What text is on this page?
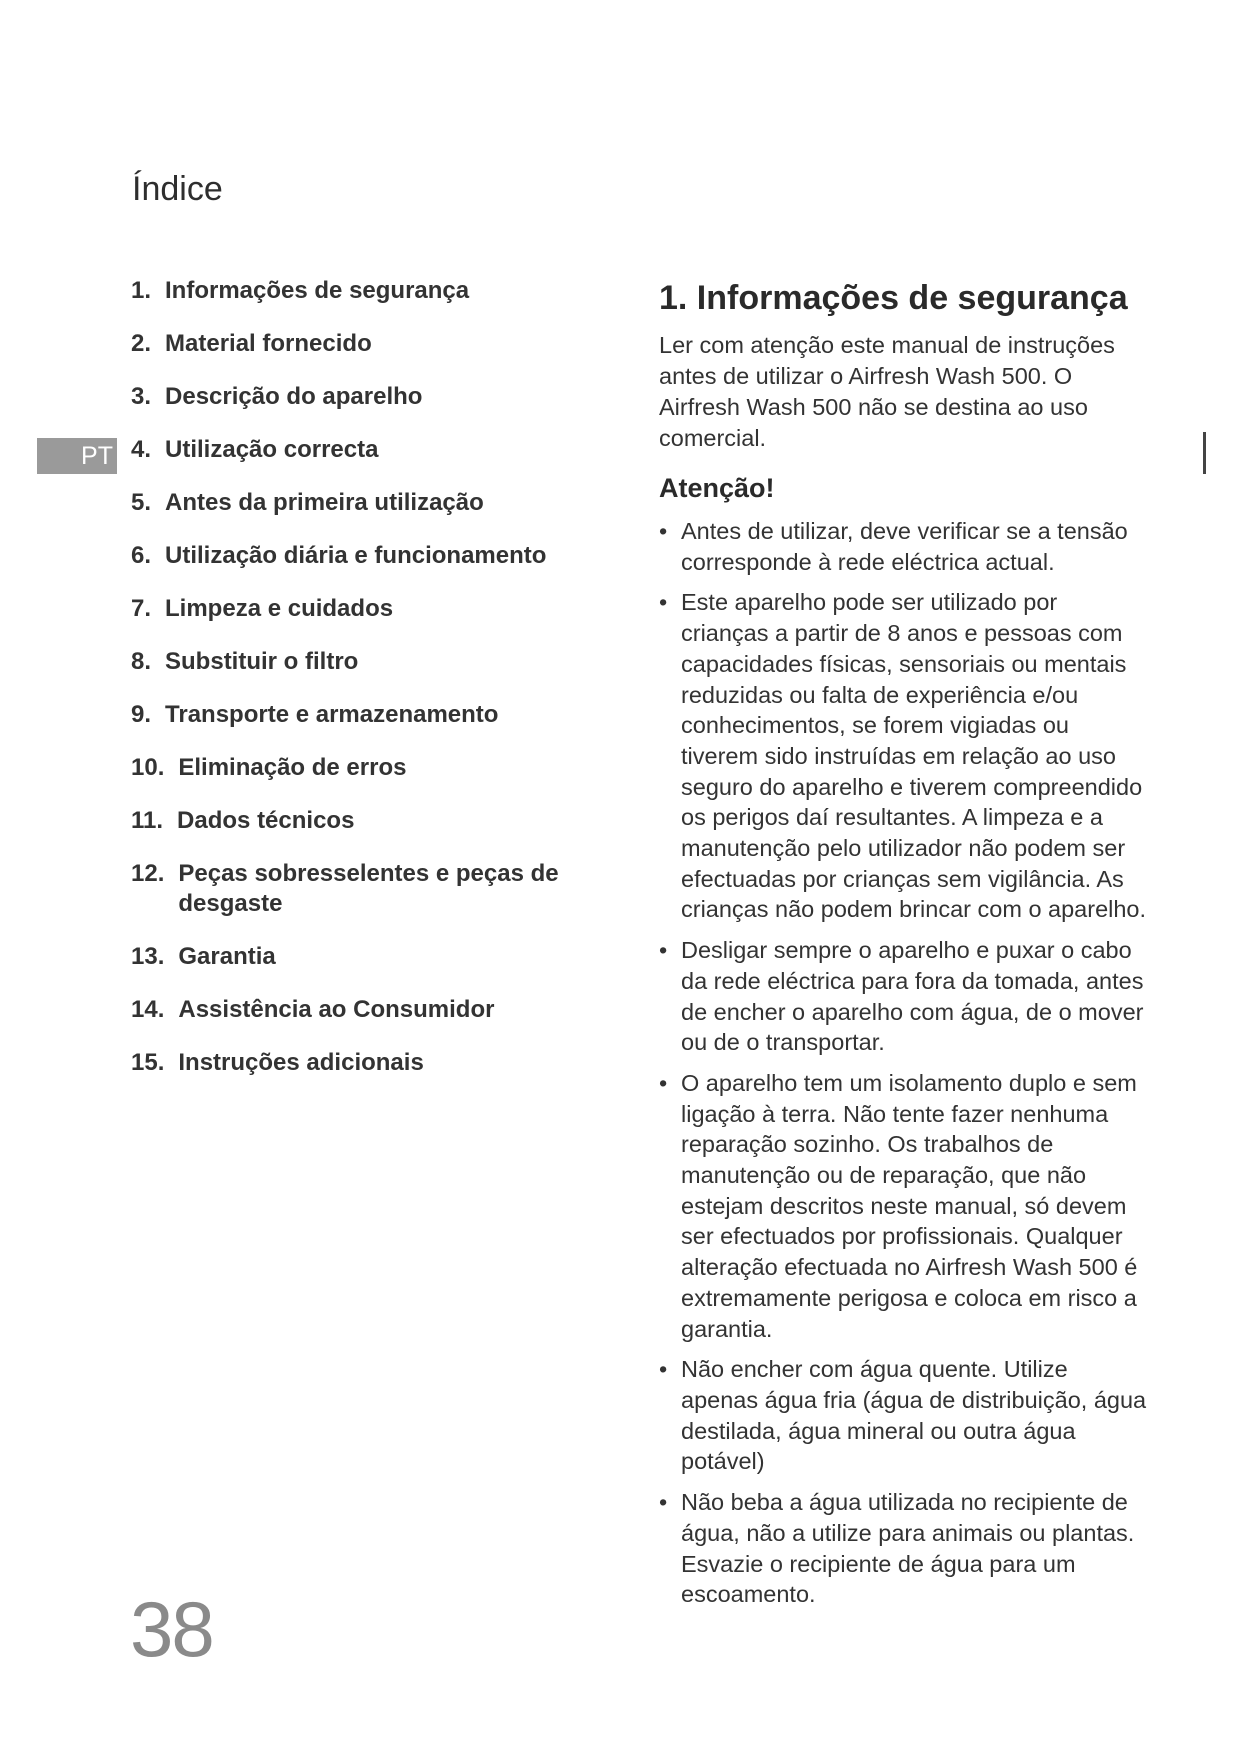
Índice
PT
1. Informações de segurança
2. Material fornecido
3. Descrição do aparelho
4. Utilização correcta
5. Antes da primeira utilização
6. Utilização diária e funcionamento
7. Limpeza e cuidados
8. Substituir o filtro
9. Transporte e armazenamento
10. Eliminação de erros
11. Dados técnicos
12. Peças sobresselentes e peças de desgaste
13. Garantia
14. Assistência ao Consumidor
15. Instruções adicionais
1. Informações de segurança

Ler com atenção este manual de instruções antes de utilizar o Airfresh Wash 500. O Airfresh Wash 500 não se destina ao uso comercial.

Atenção!
• Antes de utilizar, deve verificar se a tensão corresponde à rede eléctrica actual.
• Este aparelho pode ser utilizado por crianças a partir de 8 anos e pessoas com capacidades físicas, sensoriais ou mentais reduzidas ou falta de experiência e/ou conhecimentos, se forem vigiadas ou tiverem sido instruídas em relação ao uso seguro do aparelho e tiverem compreendido os perigos daí resultantes. A limpeza e a manutenção pelo utilizador não podem ser efectuadas por crianças sem vigilância. As crianças não podem brincar com o aparelho.
• Desligar sempre o aparelho e puxar o cabo da rede eléctrica para fora da tomada, antes de encher o aparelho com água, de o mover ou de o transportar.
• O aparelho tem um isolamento duplo e sem ligação à terra. Não tente fazer nenhuma reparação sozinho. Os trabalhos de manutenção ou de reparação, que não estejam descritos neste manual, só devem ser efectuados por profissionais. Qualquer alteração efectuada no Airfresh Wash 500 é extremamente perigosa e coloca em risco a garantia.
• Não encher com água quente. Utilize apenas água fria (água de distribuição, água destilada, água mineral ou outra água potável)
• Não beba a água utilizada no recipiente de água, não a utilize para animais ou plantas. Esvazie o recipiente de água para um escoamento.
38
